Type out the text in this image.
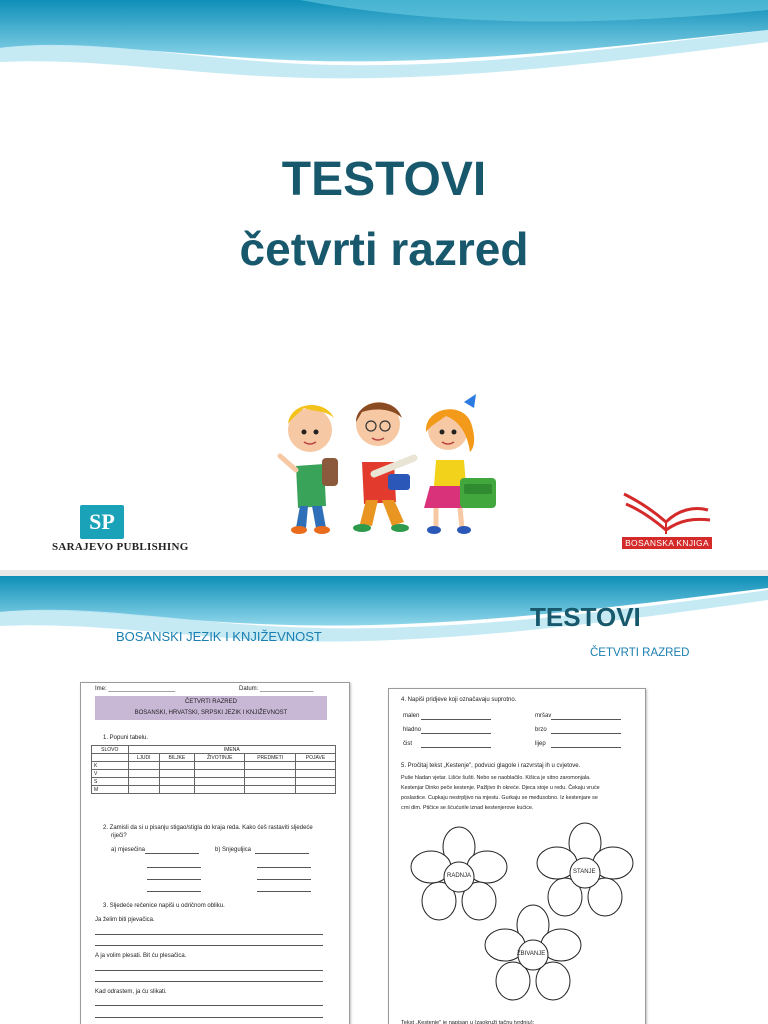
TESTOVI
četvrti razred
SP
SARAJEVO PUBLISHING	BOSANSKA KNJIGA
TESTOVI
BOSANSKI JEZIK I KNJIŽEVNOST
ČETVRTI RAZRED
Ime: ____________________	Datum: ________________
ČETVRTI RAZRED
BOSANSKI, HRVATSKI, SRPSKI JEZIK I KNJIŽEVNOST
1. Popuni tabelu.
SLOVO	IMENA				
	LJUDI	BILJKE	ŽIVOTINJE	PREDMETI	POJAVE
K					
V					
S					
M					
2. Zamisli da si u pisanju stigao/stigla do kraja reda. Kako ćeš rastaviti sljedeće
riječi?
a) mjesečina	b) Snjeguljica
3. Sljedeće rečenice napiši u odričnom obliku.
Ja želim biti pjevačica.
A ja volim plesati. Bit ću plesačica.
Kad odrastem, ja ću slikati.
4. Napiši pridjeve koji označavaju suprotno.
malen	mršav
hladno	brzo
čist	lijep
5. Pročitaj tekst „Kestenje", podvuci glagole i razvrstaj ih u cvjetove.
Puše hladan vjetar. Lišće šušti. Nebo se naoblačilo. Kišica je sitno zaromonjala.
Kestenjar Dinko peče kestenje. Pažljivo ih okreće. Djeca stoje u redu. Čekaju vruće
poslastice. Cupkaju nestrpljivo na mjestu. Gurkaju se međusobno. Iz kestenjare se
crni dim. Ptičice se šćućurile iznad kestenjerove kućice.
RADNJA
STANJE
ZBIVANJE
Tekst „Kestenje" je napisan u (zaokruži tačnu tvrdnju):
